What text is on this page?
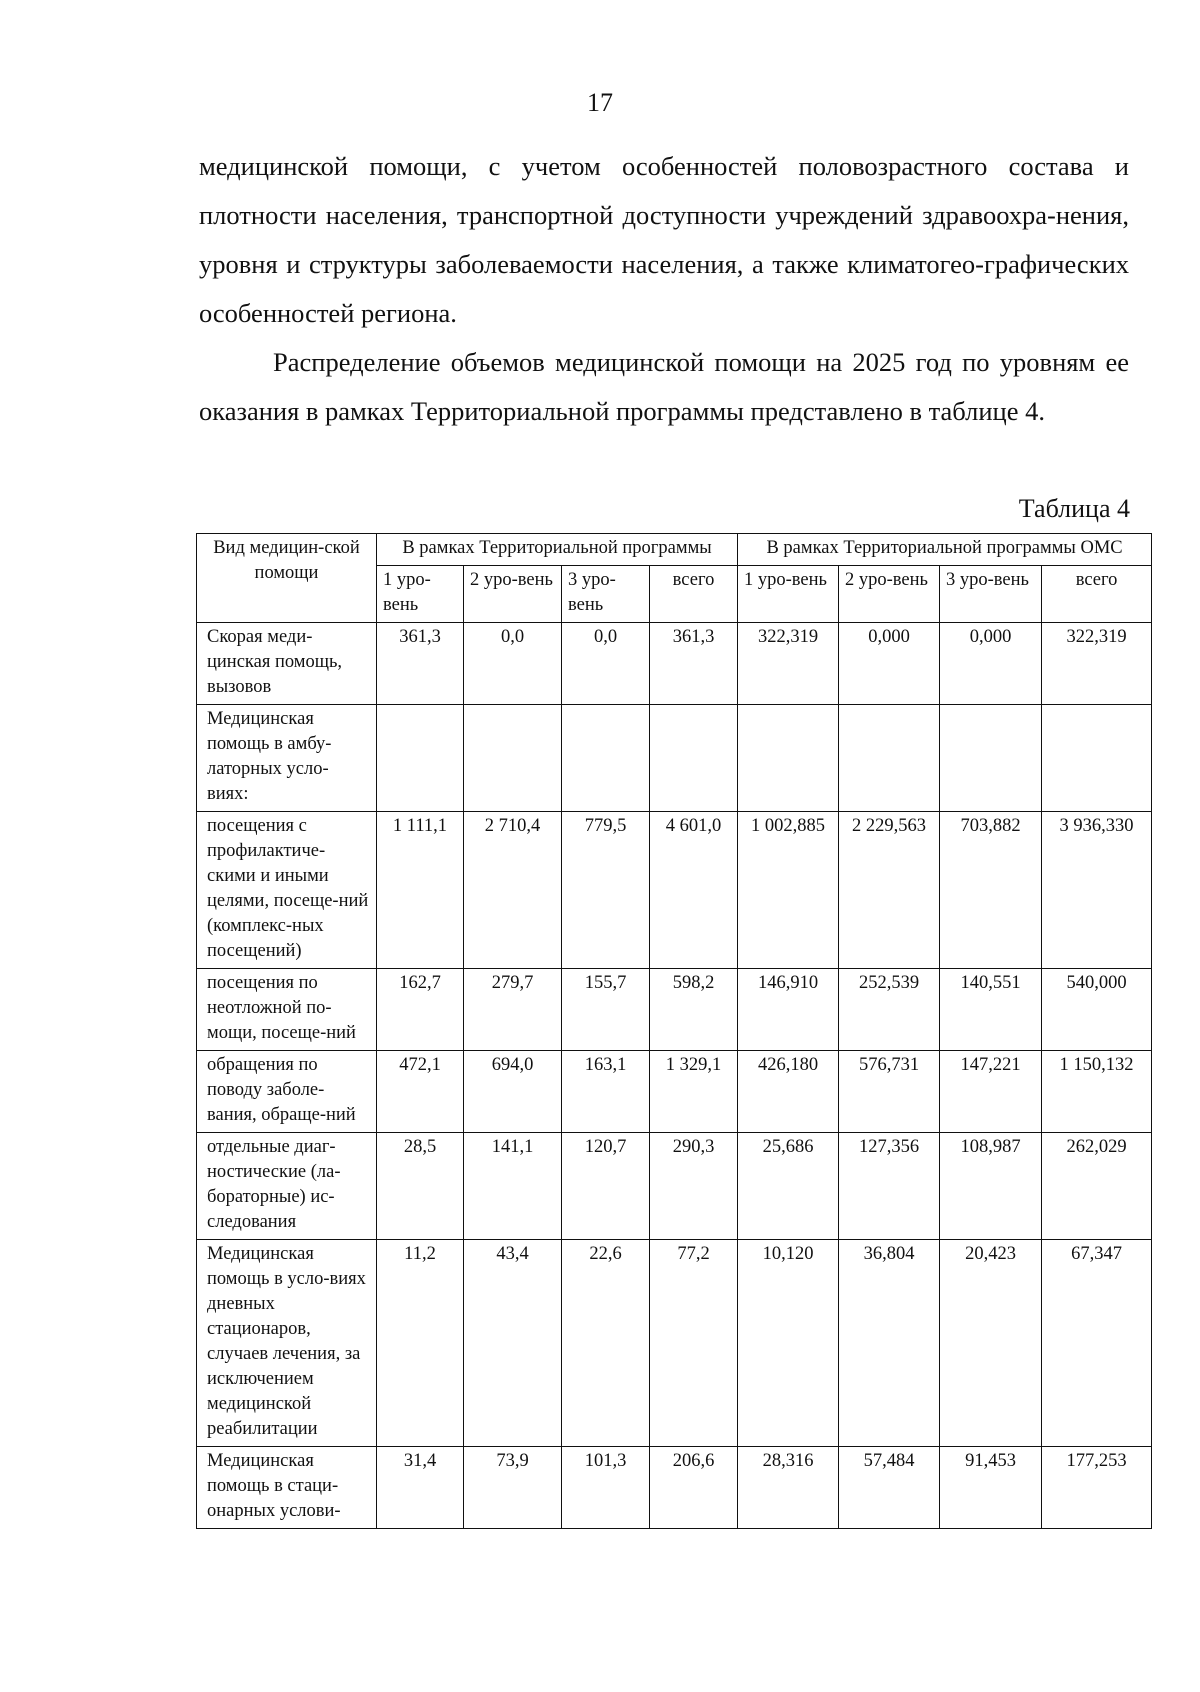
17
медицинской помощи, с учетом особенностей половозрастного состава и плотности населения, транспортной доступности учреждений здравоохра-нения, уровня и структуры заболеваемости населения, а также климатогео-графических особенностей региона.
Распределение объемов медицинской помощи на 2025 год по уровням ее оказания в рамках Территориальной программы представлено в таблице 4.
Таблица 4
Вид медицин-ской помощи	В рамках Территориальной программы				В рамках Территориальной программы ОМС			
	1 уро-вень	2 уро-вень	3 уро-вень	всего	1 уро-вень	2 уро-вень	3 уро-вень	всего
Скорая меди-цинская помощь, вызовов	361,3	0,0	0,0	361,3	322,319	0,000	0,000	322,319
Медицинская помощь в амбу-латорных усло-виях:								
посещения с профилактиче-скими и иными целями, посеще-ний (комплекс-ных посещений)	1 111,1	2 710,4	779,5	4 601,0	1 002,885	2 229,563	703,882	3 936,330
посещения по неотложной по-мощи, посеще-ний	162,7	279,7	155,7	598,2	146,910	252,539	140,551	540,000
обращения по поводу заболе-вания, обраще-ний	472,1	694,0	163,1	1 329,1	426,180	576,731	147,221	1 150,132
отдельные диаг-ностические (ла-бораторные) ис-следования	28,5	141,1	120,7	290,3	25,686	127,356	108,987	262,029
Медицинская помощь в усло-виях дневных стационаров, случаев лечения, за исключением медицинской реабилитации	11,2	43,4	22,6	77,2	10,120	36,804	20,423	67,347
Медицинская помощь в стаци-онарных услови-	31,4	73,9	101,3	206,6	28,316	57,484	91,453	177,253
